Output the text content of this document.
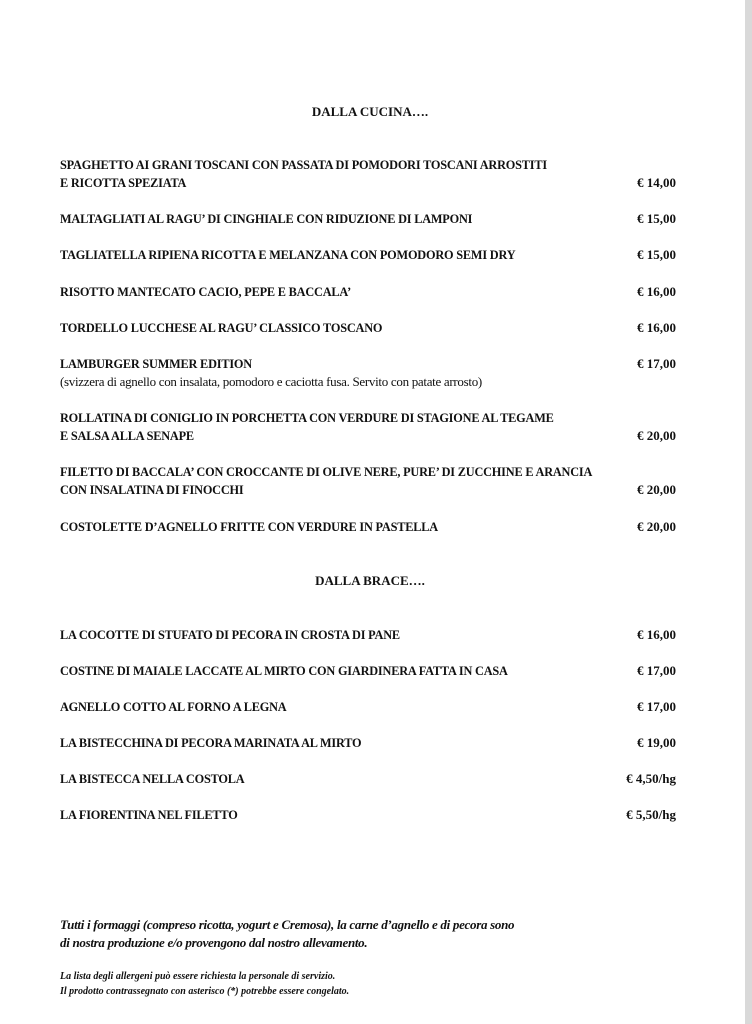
DALLA CUCINA….
SPAGHETTO AI GRANI TOSCANI CON PASSATA DI POMODORI TOSCANI ARROSTITI
E RICOTTA SPEZIATA	€ 14,00
MALTAGLIATI AL RAGU’ DI CINGHIALE CON RIDUZIONE DI LAMPONI	€ 15,00
TAGLIATELLA RIPIENA RICOTTA E MELANZANA CON POMODORO SEMI DRY	€ 15,00
RISOTTO MANTECATO CACIO, PEPE E BACCALA’	€ 16,00
TORDELLO LUCCHESE AL RAGU’ CLASSICO TOSCANO	€ 16,00
LAMBURGER SUMMER EDITION	€ 17,00
(svizzera di agnello con insalata, pomodoro e caciotta fusa. Servito con patate arrosto)
ROLLATINA DI CONIGLIO IN PORCHETTA CON VERDURE DI STAGIONE AL TEGAME
E SALSA ALLA SENAPE	€ 20,00
FILETTO DI BACCALA’ CON CROCCANTE DI OLIVE NERE, PURE’ DI ZUCCHINE E ARANCIA
CON INSALATINA DI FINOCCHI	€ 20,00
COSTOLETTE D’AGNELLO FRITTE CON VERDURE IN PASTELLA	€ 20,00
DALLA BRACE….
LA COCOTTE DI STUFATO DI PECORA IN CROSTA DI PANE	€ 16,00
COSTINE DI MAIALE LACCATE AL MIRTO CON GIARDINERA FATTA IN CASA	€ 17,00
AGNELLO COTTO AL FORNO A LEGNA	€ 17,00
LA BISTECCHINA DI PECORA MARINATA AL MIRTO	€ 19,00
LA BISTECCA NELLA COSTOLA	€ 4,50/hg
LA FIORENTINA NEL FILETTO	€ 5,50/hg
Tutti i formaggi (compreso ricotta, yogurt e Cremosa), la carne d’agnello e di pecora sono
di nostra produzione e/o provengono dal nostro allevamento.
La lista degli allergeni può essere richiesta la personale di servizio.
Il prodotto contrassegnato con asterisco (*) potrebbe essere congelato.
